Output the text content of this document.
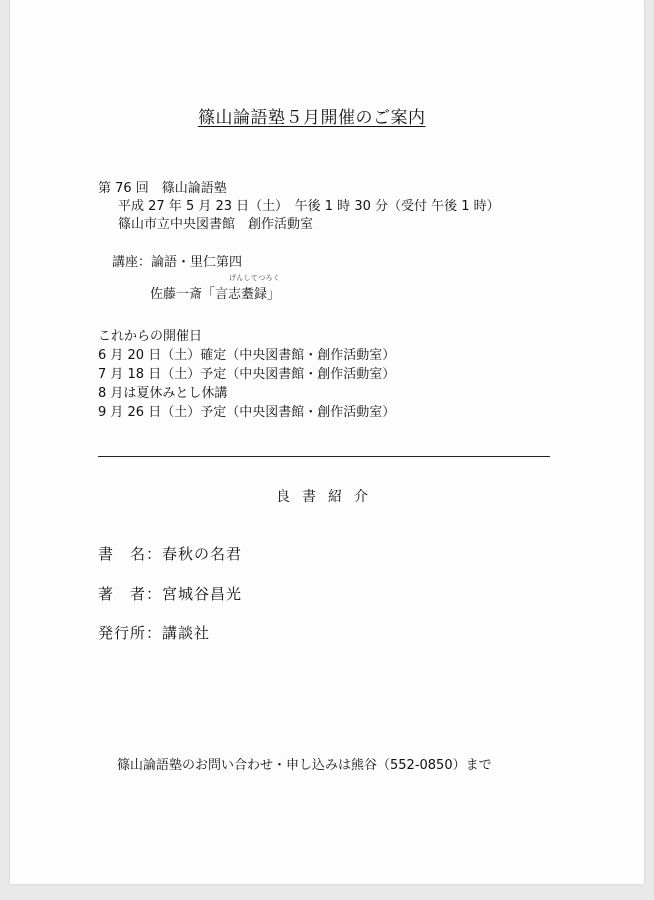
篠山論語塾５月開催のご案内
第 76 回　篠山論語塾
平成 27 年 5 月 23 日（土）　午後 1 時 30 分（受付 午後 1 時）
篠山市立中央図書館　創作活動室
講座：論語・里仁第四
げんしてつろく
佐藤一斎「言志耋録」
これからの開催日
6 月 20 日（土）確定（中央図書館・創作活動室）
7 月 18 日（土）予定（中央図書館・創作活動室）
8 月は夏休みとし休講
9 月 26 日（土）予定（中央図書館・創作活動室）
良書紹介
書　名：春秋の名君
著　者：宮城谷昌光
発行所：講談社
篠山論語塾のお問い合わせ・申し込みは熊谷（552-0850）まで
